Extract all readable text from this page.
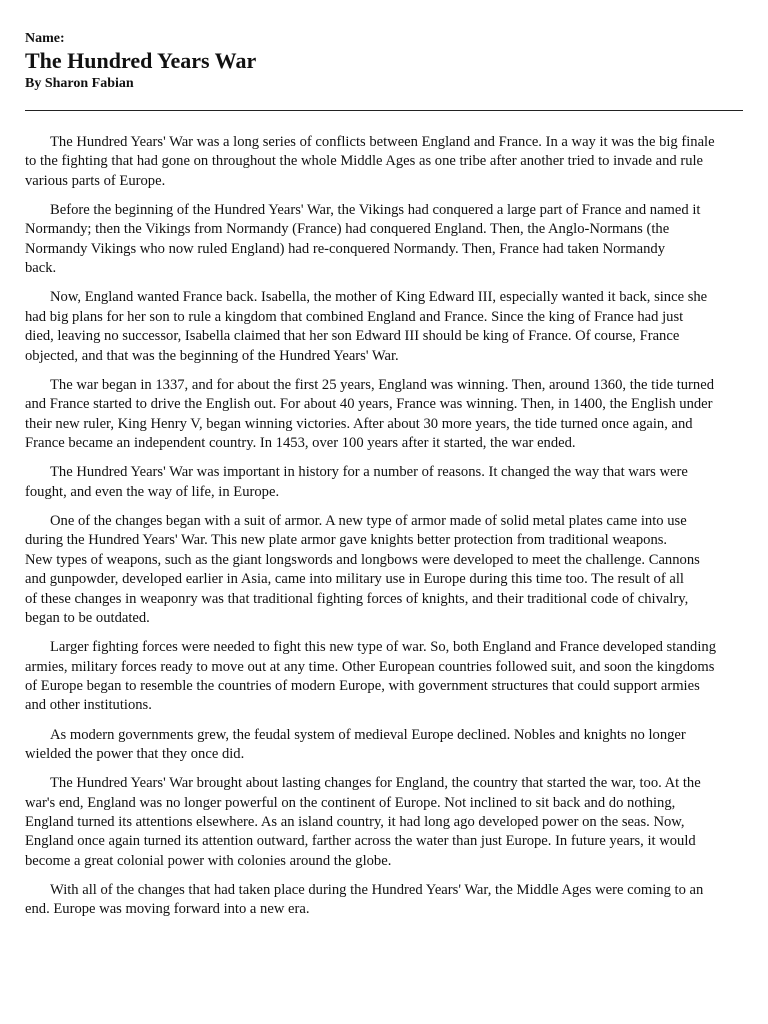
Name:
The Hundred Years War
By Sharon Fabian

The Hundred Years' War was a long series of conflicts between England and France. In a way it was the big finale
to the fighting that had gone on throughout the whole Middle Ages as one tribe after another tried to invade and rule
various parts of Europe.

Before the beginning of the Hundred Years' War, the Vikings had conquered a large part of France and named it
Normandy; then the Vikings from Normandy (France) had conquered England. Then, the Anglo-Normans (the
Normandy Vikings who now ruled England) had re-conquered Normandy. Then, France had taken Normandy
back.

Now, England wanted France back. Isabella, the mother of King Edward III, especially wanted it back, since she
had big plans for her son to rule a kingdom that combined England and France. Since the king of France had just
died, leaving no successor, Isabella claimed that her son Edward III should be king of France. Of course, France
objected, and that was the beginning of the Hundred Years' War.

The war began in 1337, and for about the first 25 years, England was winning. Then, around 1360, the tide turned
and France started to drive the English out. For about 40 years, France was winning. Then, in 1400, the English under
their new ruler, King Henry V, began winning victories. After about 30 more years, the tide turned once again, and
France became an independent country. In 1453, over 100 years after it started, the war ended.

The Hundred Years' War was important in history for a number of reasons. It changed the way that wars were
fought, and even the way of life, in Europe.

One of the changes began with a suit of armor. A new type of armor made of solid metal plates came into use
during the Hundred Years' War. This new plate armor gave knights better protection from traditional weapons.
New types of weapons, such as the giant longswords and longbows were developed to meet the challenge. Cannons
and gunpowder, developed earlier in Asia, came into military use in Europe during this time too. The result of all
of these changes in weaponry was that traditional fighting forces of knights, and their traditional code of chivalry,
began to be outdated.

Larger fighting forces were needed to fight this new type of war. So, both England and France developed standing
armies, military forces ready to move out at any time. Other European countries followed suit, and soon the kingdoms
of Europe began to resemble the countries of modern Europe, with government structures that could support armies
and other institutions.

As modern governments grew, the feudal system of medieval Europe declined. Nobles and knights no longer
wielded the power that they once did.

The Hundred Years' War brought about lasting changes for England, the country that started the war, too. At the
war's end, England was no longer powerful on the continent of Europe. Not inclined to sit back and do nothing,
England turned its attentions elsewhere. As an island country, it had long ago developed power on the seas. Now,
England once again turned its attention outward, farther across the water than just Europe. In future years, it would
become a great colonial power with colonies around the globe.

With all of the changes that had taken place during the Hundred Years' War, the Middle Ages were coming to an
end. Europe was moving forward into a new era.
